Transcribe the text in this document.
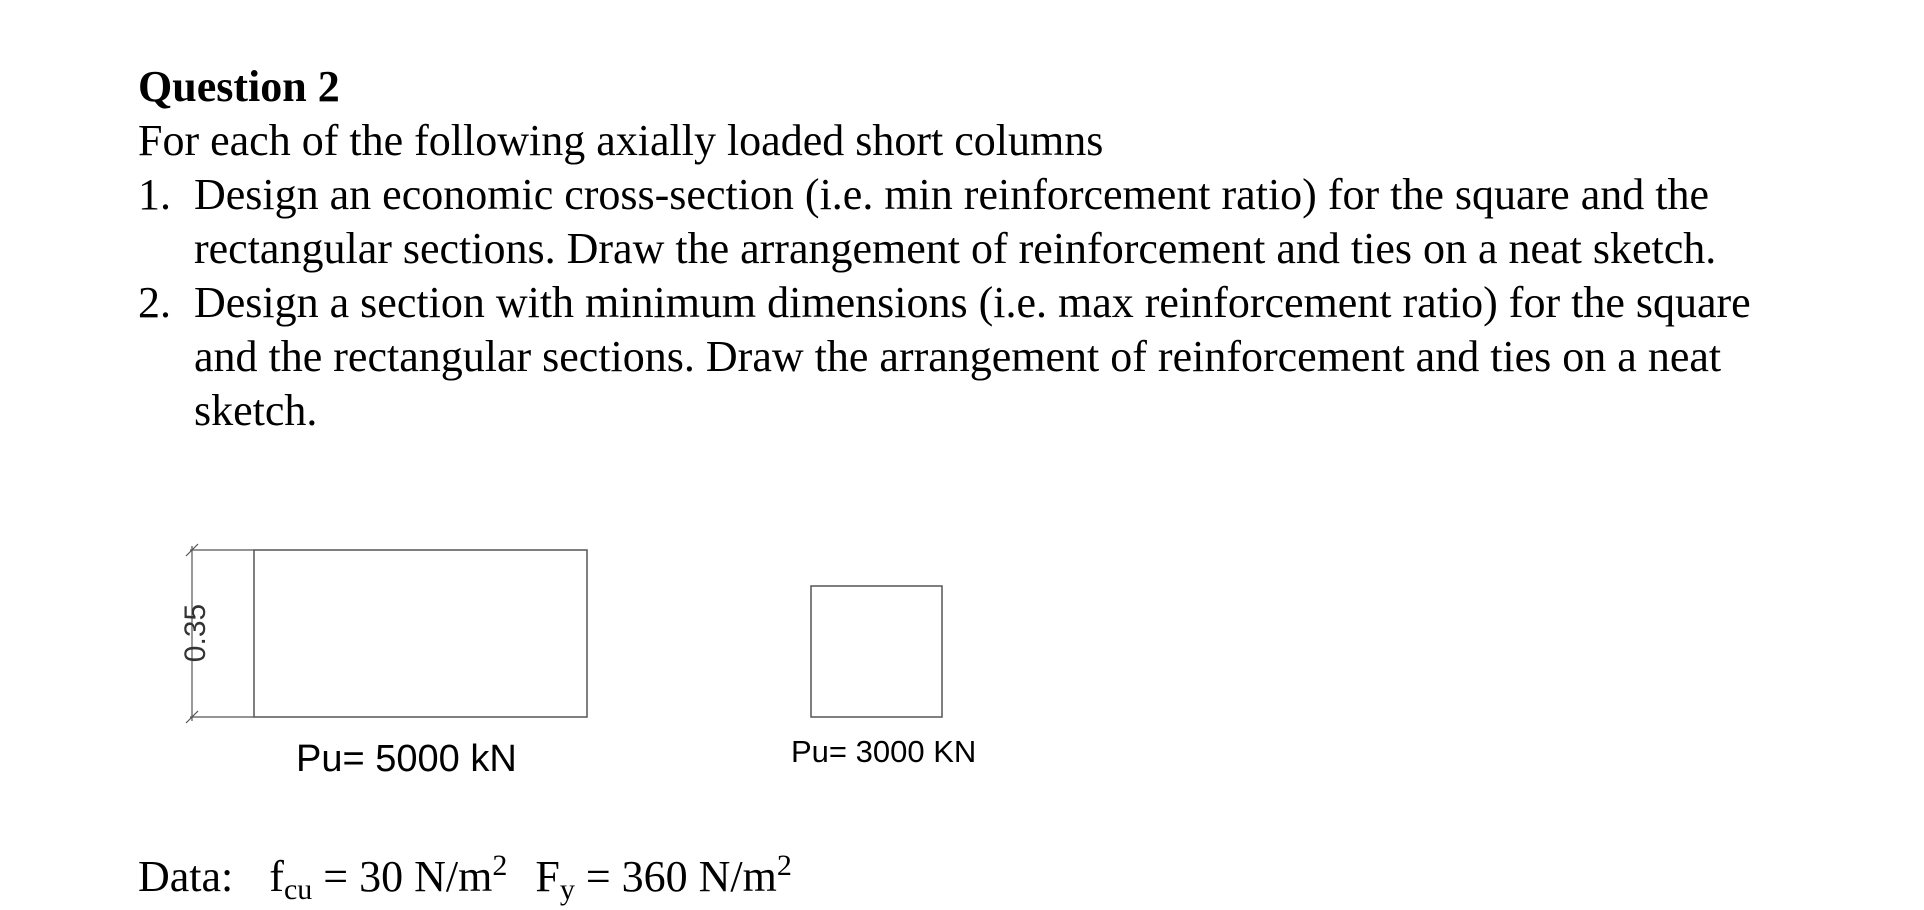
Question 2
For each of the following axially loaded short columns
1. Design an economic cross-section (i.e. min reinforcement ratio) for the square and the
rectangular sections. Draw the arrangement of reinforcement and ties on a neat sketch.
2. Design a section with minimum dimensions (i.e. max reinforcement ratio) for the square
and the rectangular sections. Draw the arrangement of reinforcement and ties on a neat
sketch.
0.35
Pu= 5000 kN	Pu= 3000 KN
Data: $f_{cu} = 30$ $N/m^2$ $F_y = 360$ $N/m^2$
